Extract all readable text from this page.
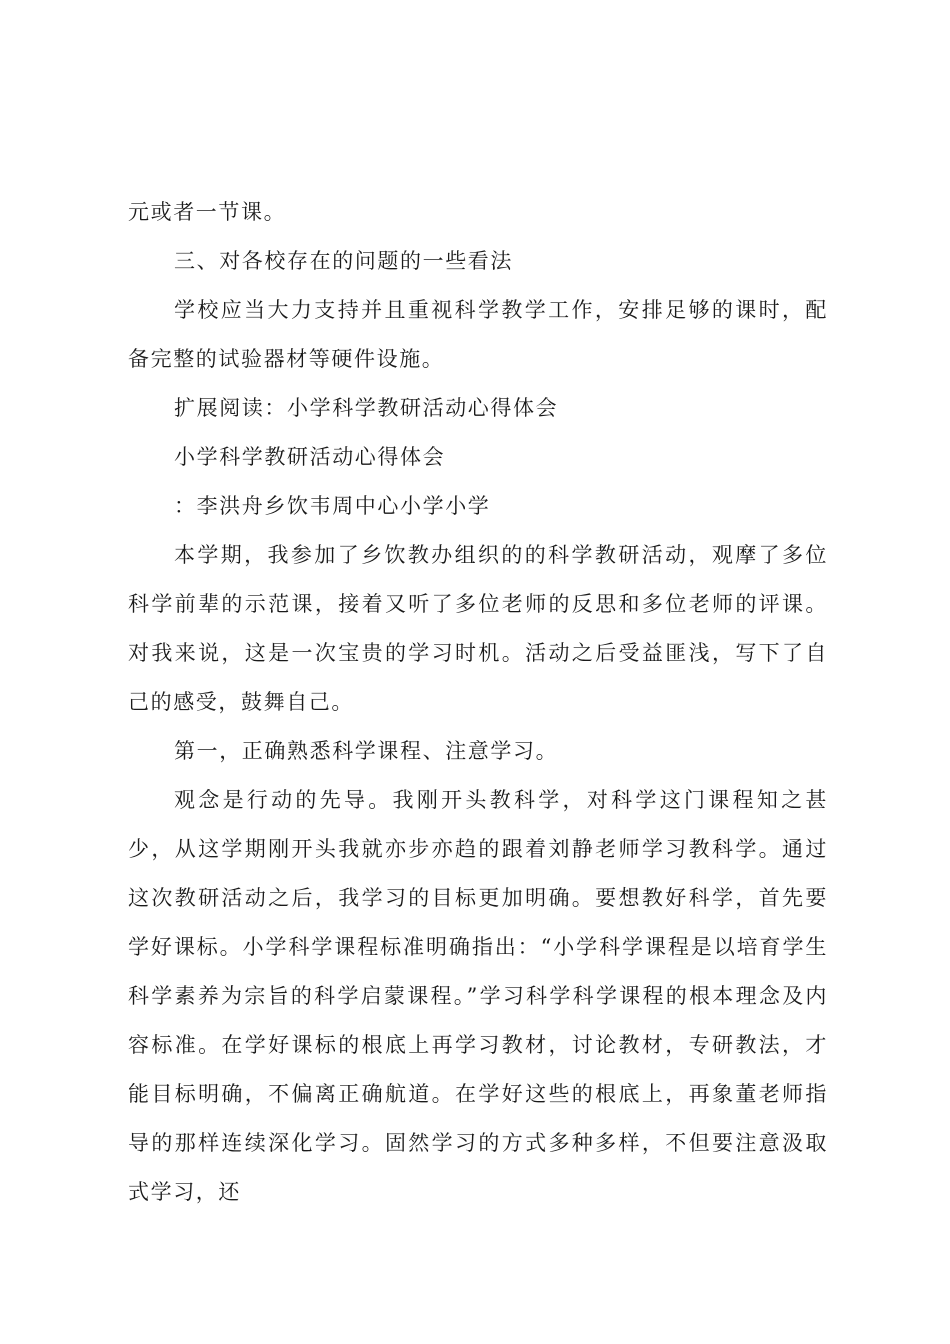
元或者一节课。

三、对各校存在的问题的一些看法

学校应当大力支持并且重视科学教学工作，安排足够的课时，配备完整的试验器材等硬件设施。

扩展阅读：小学科学教研活动心得体会

小学科学教研活动心得体会

：李洪舟乡饮韦周中心小学小学

本学期，我参加了乡饮教办组织的的科学教研活动，观摩了多位科学前辈的示范课，接着又听了多位老师的反思和多位老师的评课。对我来说，这是一次宝贵的学习时机。活动之后受益匪浅，写下了自己的感受，鼓舞自己。

第一，正确熟悉科学课程、注意学习。

观念是行动的先导。我刚开头教科学，对科学这门课程知之甚少，从这学期刚开头我就亦步亦趋的跟着刘静老师学习教科学。通过这次教研活动之后，我学习的目标更加明确。要想教好科学，首先要学好课标。小学科学课程标准明确指出：“小学科学课程是以培育学生科学素养为宗旨的科学启蒙课程。”学习科学科学课程的根本理念及内容标准。在学好课标的根底上再学习教材，讨论教材，专研教法，才能目标明确，不偏离正确航道。在学好这些的根底上，再象董老师指导的那样连续深化学习。固然学习的方式多种多样，不但要注意汲取式学习，还
